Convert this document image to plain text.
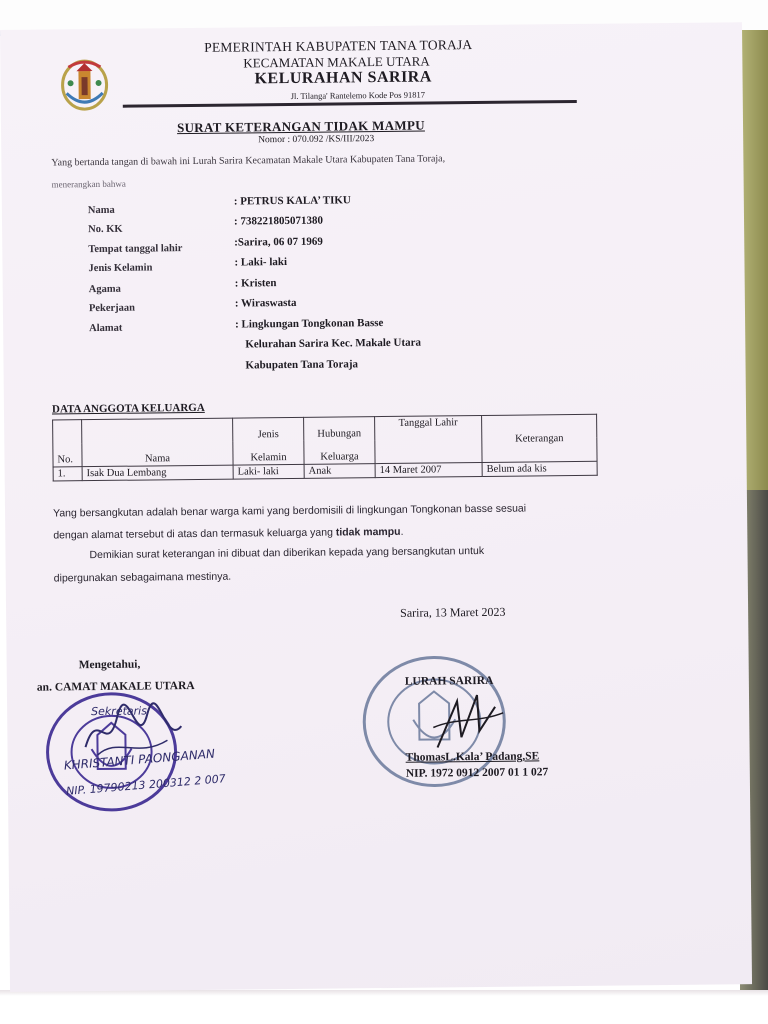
PEMERINTAH KABUPATEN TANA TORAJA
KECAMATAN MAKALE UTARA
KELURAHAN SARIRA
Jl. Tilanga' Rantelemo Kode Pos 91817
SURAT KETERANGAN TIDAK MAMPU
Nomor : 070.092 /KS/III/2023
Yang bertanda tangan di bawah ini Lurah Sarira Kecamatan Makale Utara Kabupaten Tana Toraja,
menerangkan bahwa
Nama
: PETRUS KALA’ TIKU
No. KK
: 738221805071380
Tempat tanggal lahir
:Sarira, 06 07 1969
Jenis Kelamin	: Laki- laki
Agama	: Kristen
Pekerjaan	: Wiraswasta
Alamat	: Lingkungan Tongkonan Basse
Kelurahan Sarira Kec. Makale Utara
Kabupaten Tana Toraja
DATA ANGGOTA KELUARGA
No.	Nama	Jenis	Hubungan	Tanggal Lahir	Keterangan
		Kelamin	Keluarga		
1.	Isak Dua Lembang	Laki- laki	Anak	14 Maret 2007	Belum ada kis
Yang bersangkutan adalah benar warga kami yang berdomisili di lingkungan Tongkonan basse sesuai
dengan alamat tersebut di atas dan termasuk keluarga yang tidak mampu.
Demikian surat keterangan ini dibuat dan diberikan kepada yang bersangkutan untuk
dipergunakan sebagaimana mestinya.
Sarira, 13 Maret 2023
Mengetahui,
an. CAMAT MAKALE UTARA
Sekretaris
KHRISTANTI PAONGANAN
NIP. 19790213 200312 2 007
LURAH SARIRA
ThomasL.Kala’ Padang,SE
NIP. 1972 0912 2007 01 1 027
